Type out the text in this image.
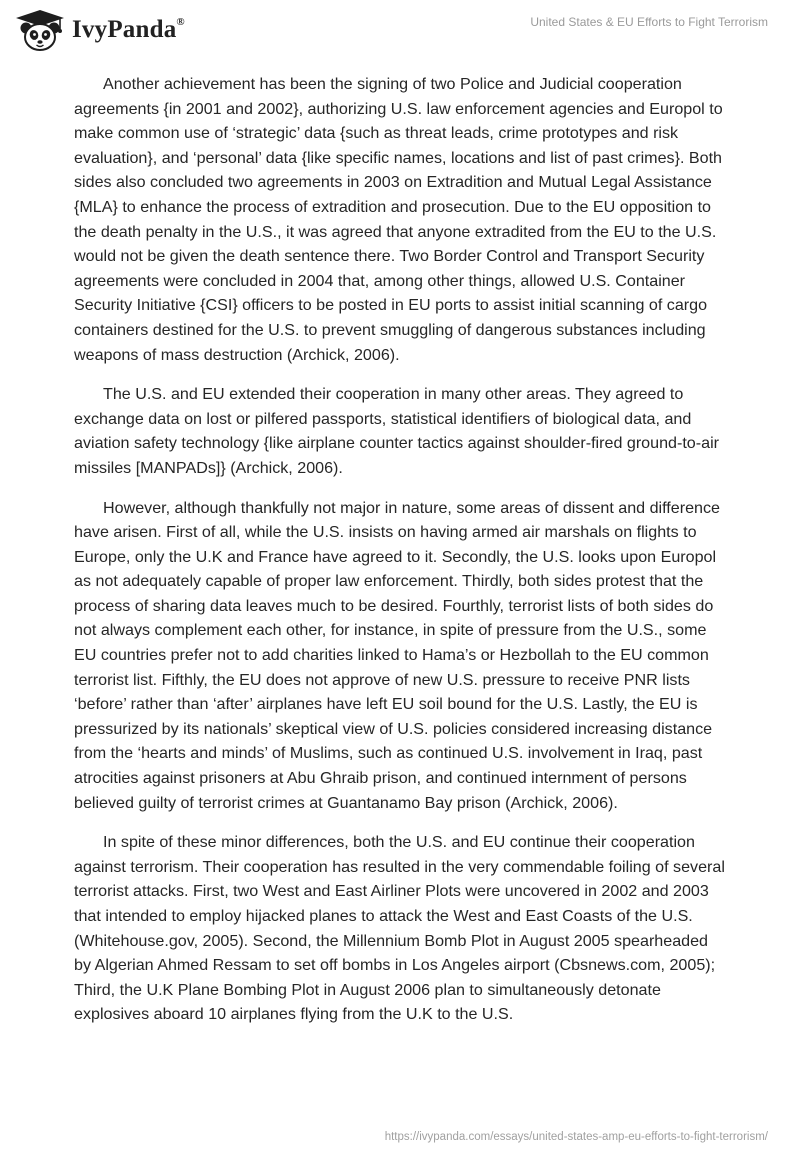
IvyPanda®	United States & EU Efforts to Fight Terrorism

Another achievement has been the signing of two Police and Judicial cooperation agreements {in 2001 and 2002}, authorizing U.S. law enforcement agencies and Europol to make common use of ‘strategic’ data {such as threat leads, crime prototypes and risk evaluation}, and ‘personal’ data {like specific names, locations and list of past crimes}. Both sides also concluded two agreements in 2003 on Extradition and Mutual Legal Assistance {MLA} to enhance the process of extradition and prosecution. Due to the EU opposition to the death penalty in the U.S., it was agreed that anyone extradited from the EU to the U.S. would not be given the death sentence there. Two Border Control and Transport Security agreements were concluded in 2004 that, among other things, allowed U.S. Container Security Initiative {CSI} officers to be posted in EU ports to assist initial scanning of cargo containers destined for the U.S. to prevent smuggling of dangerous substances including weapons of mass destruction (Archick, 2006).

The U.S. and EU extended their cooperation in many other areas. They agreed to exchange data on lost or pilfered passports, statistical identifiers of biological data, and aviation safety technology {like airplane counter tactics against shoulder-fired ground-to-air missiles [MANPADs]} (Archick, 2006).

However, although thankfully not major in nature, some areas of dissent and difference have arisen. First of all, while the U.S. insists on having armed air marshals on flights to Europe, only the U.K and France have agreed to it. Secondly, the U.S. looks upon Europol as not adequately capable of proper law enforcement. Thirdly, both sides protest that the process of sharing data leaves much to be desired. Fourthly, terrorist lists of both sides do not always complement each other, for instance, in spite of pressure from the U.S., some EU countries prefer not to add charities linked to Hama’s or Hezbollah to the EU common terrorist list. Fifthly, the EU does not approve of new U.S. pressure to receive PNR lists ‘before’ rather than ‘after’ airplanes have left EU soil bound for the U.S. Lastly, the EU is pressurized by its nationals’ skeptical view of U.S. policies considered increasing distance from the ‘hearts and minds’ of Muslims, such as continued U.S. involvement in Iraq, past atrocities against prisoners at Abu Ghraib prison, and continued internment of persons believed guilty of terrorist crimes at Guantanamo Bay prison (Archick, 2006).

In spite of these minor differences, both the U.S. and EU continue their cooperation against terrorism. Their cooperation has resulted in the very commendable foiling of several terrorist attacks. First, two West and East Airliner Plots were uncovered in 2002 and 2003 that intended to employ hijacked planes to attack the West and East Coasts of the U.S. (Whitehouse.gov, 2005). Second, the Millennium Bomb Plot in August 2005 spearheaded by Algerian Ahmed Ressam to set off bombs in Los Angeles airport (Cbsnews.com, 2005); Third, the U.K Plane Bombing Plot in August 2006 plan to simultaneously detonate explosives aboard 10 airplanes flying from the U.K to the U.S.

https://ivypanda.com/essays/united-states-amp-eu-efforts-to-fight-terrorism/
